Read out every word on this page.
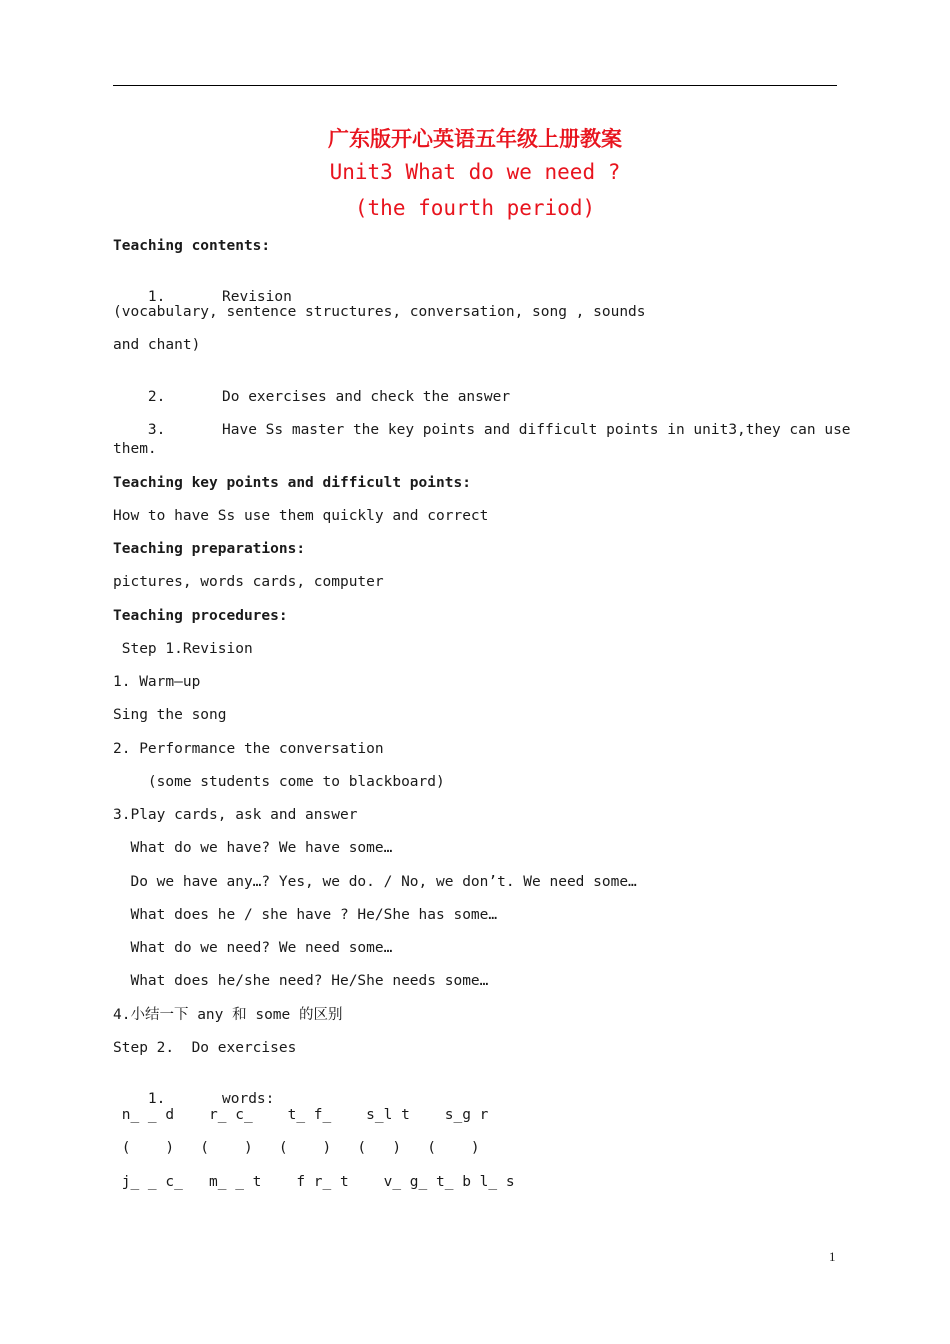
广东版开心英语五年级上册教案
Unit3 What do we need ?
(the fourth period)
Teaching contents:

1.	Revision

(vocabulary, sentence structures, conversation, song , sounds
and chant)

2.	Do exercises and check the answer

3.	Have Ss master the key points and difficult points in unit3,they can use

them.
Teaching key points and difficult points:
How to have Ss use them quickly and correct
Teaching preparations:
pictures, words cards, computer
Teaching procedures:
Step 1.Revision
1. Warm—up
Sing the song
2. Performance the conversation
(some students come to blackboard)
3.Play cards, ask and answer
What do we have? We have some…
Do we have any…? Yes, we do. / No, we don’t. We need some…
What does he / she have ? He/She has some…
What do we need? We need some…
What does he/she need? He/She needs some…
4.小结一下 any 和 some 的区别
Step 2.  Do exercises

1.	words:

n_ _ d    r_ c_    t_ f_    s_l t    s_g r
(    )   (    )   (    )   (   )   (    )
j_ _ c_   m_ _ t    f r_ t    v_ g_ t_ b l_ s
1
